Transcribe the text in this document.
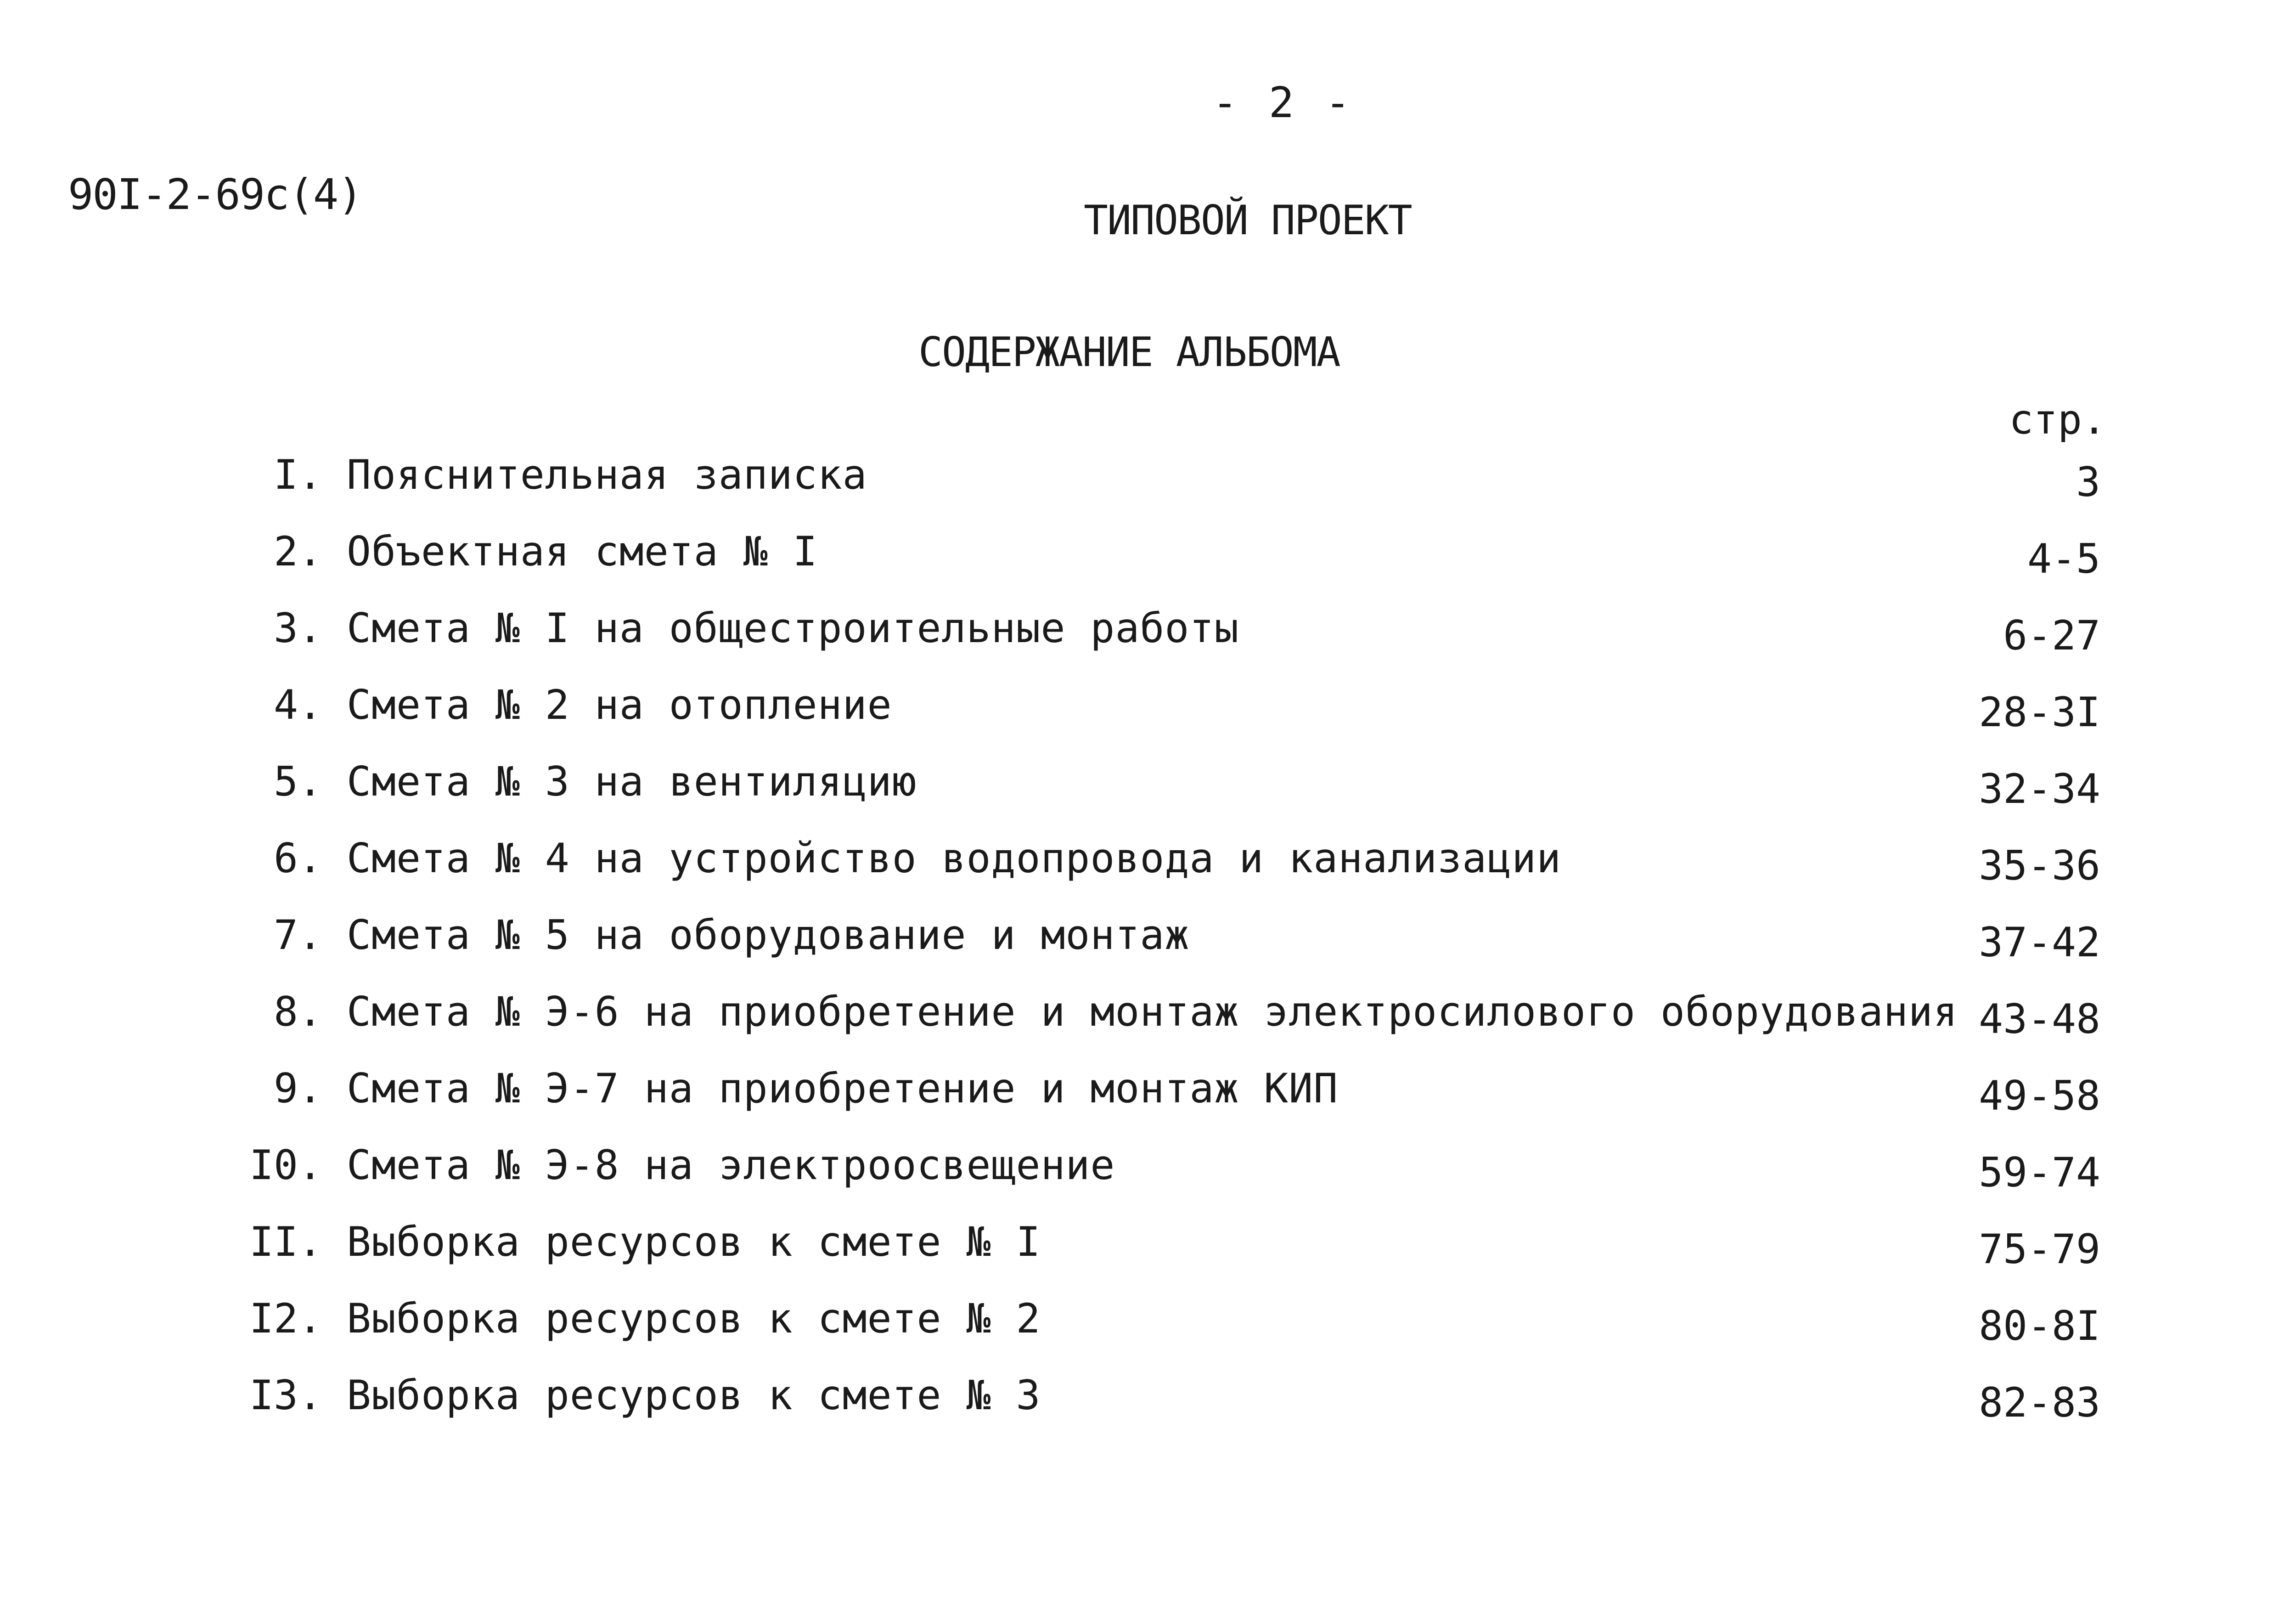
- 2 -
90I-2-69с(4)
ТИПОВОЙ ПРОЕКТ
СОДЕРЖАНИЕ АЛЬБОМА
стр.
I. Пояснительная записка	3
2. Объектная смета № I	4-5
3. Смета № I на общестроительные работы	6-27
4. Смета № 2 на отопление	28-3I
5. Смета № 3 на вентиляцию	32-34
6. Смета № 4 на устройство водопровода и канализации	35-36
7. Смета № 5 на оборудование и монтаж	37-42
8. Смета № Э-6 на приобретение и монтаж электросилового оборудования 43-48
9. Смета № Э-7 на приобретение и монтаж КИП	49-58
I0. Смета № Э-8 на электроосвещение	59-74
II. Выборка ресурсов к смете № I	75-79
I2. Выборка ресурсов к смете № 2	80-8I
I3. Выборка ресурсов к смете № 3	82-83
